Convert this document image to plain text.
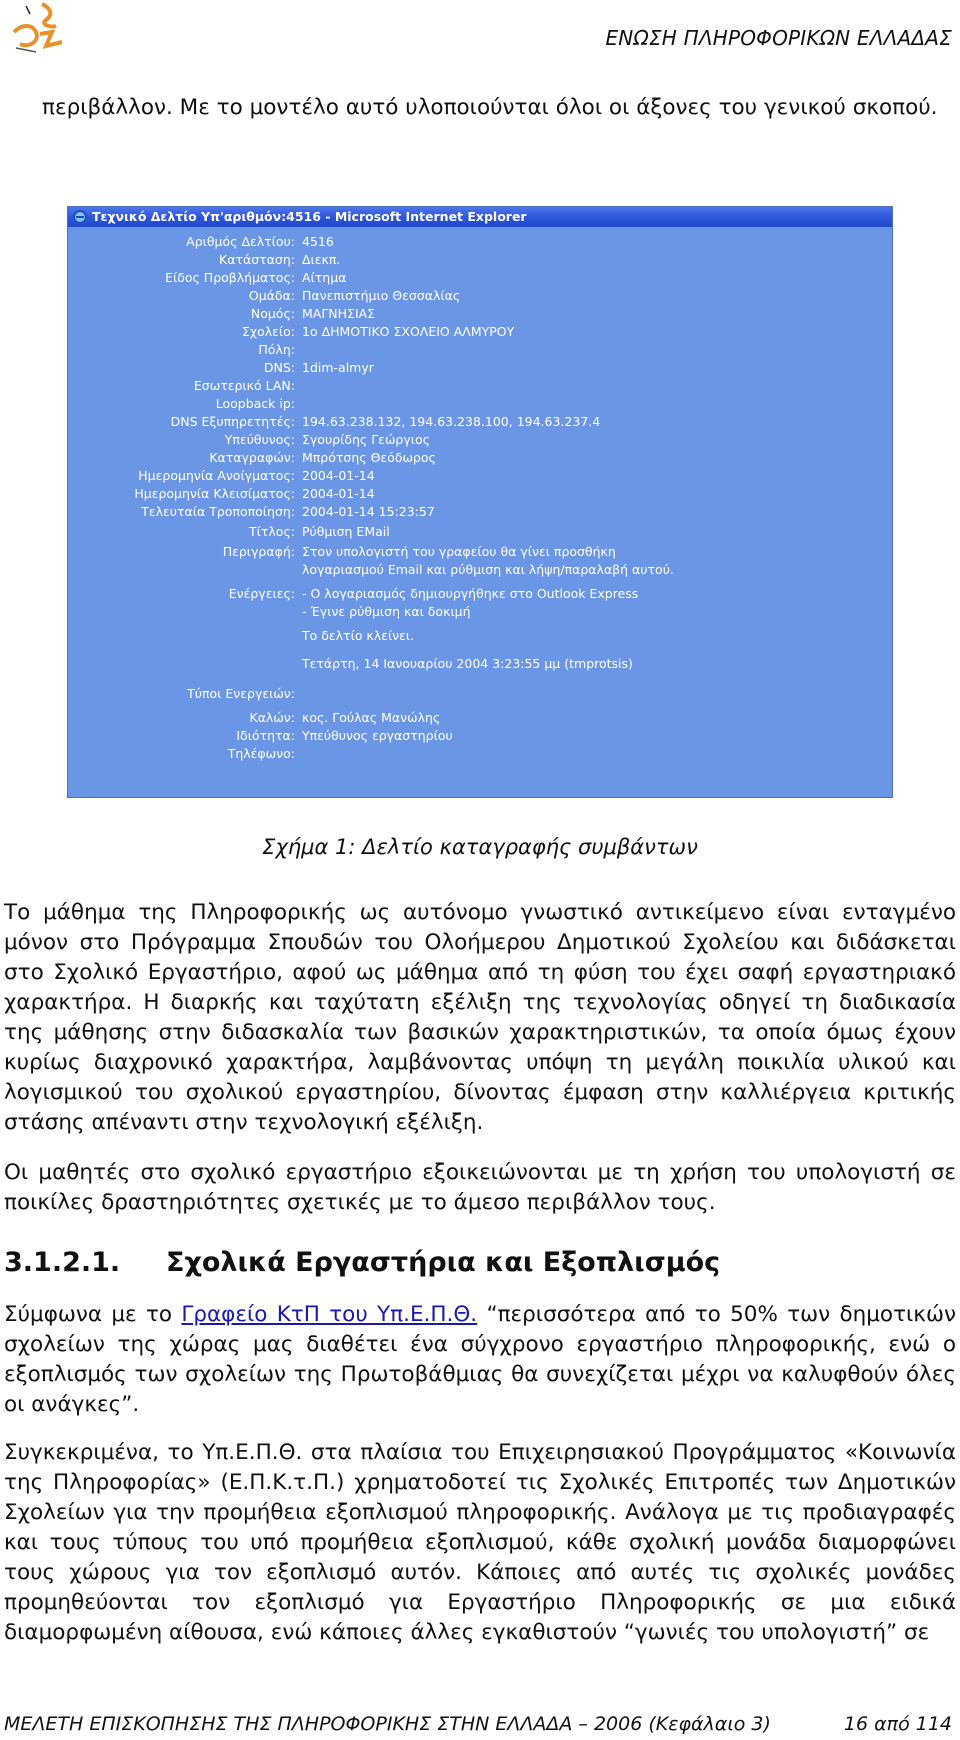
ΕΝΩΣΗ ΠΛΗΡΟΦΟΡΙΚΩΝ ΕΛΛΑΔΑΣ

περιβάλλον. Με το μοντέλο αυτό υλοποιούνται όλοι οι άξονες του γενικού σκοπού.

Τεχνικό Δελτίο Υπ'αριθμόν:4516 - Microsoft Internet Explorer
Αριθμός Δελτίου: 4516
Κατάσταση: Διεκπ.
Είδος Προβλήματος: Αίτημα
Ομάδα: Πανεπιστήμιο Θεσσαλίας
Νομός: ΜΑΓΝΗΣΙΑΣ
Σχολείο: 1ο ΔΗΜΟΤΙΚΟ ΣΧΟΛΕΙΟ ΑΛΜΥΡΟΥ
Πόλη:
DNS: 1dim-almyr
Εσωτερικό LAN:
Loopback ip:
DNS Εξυπηρετητές: 194.63.238.132, 194.63.238.100, 194.63.237.4
Υπεύθυνος: Σγουρίδης Γεώργιος
Καταγραφών: Μπρότσης Θεόδωρος
Ημερομηνία Ανοίγματος: 2004-01-14
Ημερομηνία Κλεισίματος: 2004-01-14
Τελευταία Τροποποίηση: 2004-01-14 15:23:57
Τίτλος: Ρύθμιση EMail
Περιγραφή: Στον υπολογιστή του γραφείου θα γίνει προσθήκη
λογαριασμού Email και ρύθμιση και λήψη/παραλαβή αυτού.
Ενέργειες: - Ο λογαριασμός δημιουργήθηκε στο Outlook Express
- Έγινε ρύθμιση και δοκιμή
Το δελτίο κλείνει.
Τετάρτη, 14 Ιανουαρίου 2004 3:23:55 μμ (tmprotsis)
Τύποι Ενεργειών:
Καλών: κος. Γούλας Μανώλης
Ιδιότητα: Υπεύθυνος εργαστηρίου
Τηλέφωνο:
Σχήμα 1: Δελτίο καταγραφής συμβάντων

Το μάθημα της Πληροφορικής ως αυτόνομο γνωστικό αντικείμενο είναι ενταγμένο μόνον στο Πρόγραμμα Σπουδών του Ολοήμερου Δημοτικού Σχολείου και διδάσκεται στο Σχολικό Εργαστήριο, αφού ως μάθημα από τη φύση του έχει σαφή εργαστηριακό χαρακτήρα. Η διαρκής και ταχύτατη εξέλιξη της τεχνολογίας οδηγεί τη διαδικασία της μάθησης στην διδασκαλία των βασικών χαρακτηριστικών, τα οποία όμως έχουν κυρίως διαχρονικό χαρακτήρα, λαμβάνοντας υπόψη τη μεγάλη ποικιλία υλικού και λογισμικού του σχολικού εργαστηρίου, δίνοντας έμφαση στην καλλιέργεια κριτικής στάσης απέναντι στην τεχνολογική εξέλιξη.

Οι μαθητές στο σχολικό εργαστήριο εξοικειώνονται με τη χρήση του υπολογιστή σε ποικίλες δραστηριότητες σχετικές με το άμεσο περιβάλλον τους.

3.1.2.1. Σχολικά Εργαστήρια και Εξοπλισμός

Σύμφωνα με το Γραφείο ΚτΠ του Υπ.Ε.Π.Θ. “περισσότερα από το 50% των δημοτικών σχολείων της χώρας μας διαθέτει ένα σύγχρονο εργαστήριο πληροφορικής, ενώ ο εξοπλισμός των σχολείων της Πρωτοβάθμιας θα συνεχίζεται μέχρι να καλυφθούν όλες οι ανάγκες”.

Συγκεκριμένα, το Υπ.Ε.Π.Θ. στα πλαίσια του Επιχειρησιακού Προγράμματος «Κοινωνία της Πληροφορίας» (Ε.Π.Κ.τ.Π.) χρηματοδοτεί τις Σχολικές Επιτροπές των Δημοτικών Σχολείων για την προμήθεια εξοπλισμού πληροφορικής. Ανάλογα με τις προδιαγραφές και τους τύπους του υπό προμήθεια εξοπλισμού, κάθε σχολική μονάδα διαμορφώνει τους χώρους για τον εξοπλισμό αυτόν. Κάποιες από αυτές τις σχολικές μονάδες προμηθεύονται τον εξοπλισμό για Εργαστήριο Πληροφορικής σε μια ειδικά διαμορφωμένη αίθουσα, ενώ κάποιες άλλες εγκαθιστούν “γωνιές του υπολογιστή” σε

ΜΕΛΕΤΗ ΕΠΙΣΚΟΠΗΣΗΣ ΤΗΣ ΠΛΗΡΟΦΟΡΙΚΗΣ ΣΤΗΝ ΕΛΛΑΔΑ – 2006 (Κεφάλαιο 3)	16 από 114
